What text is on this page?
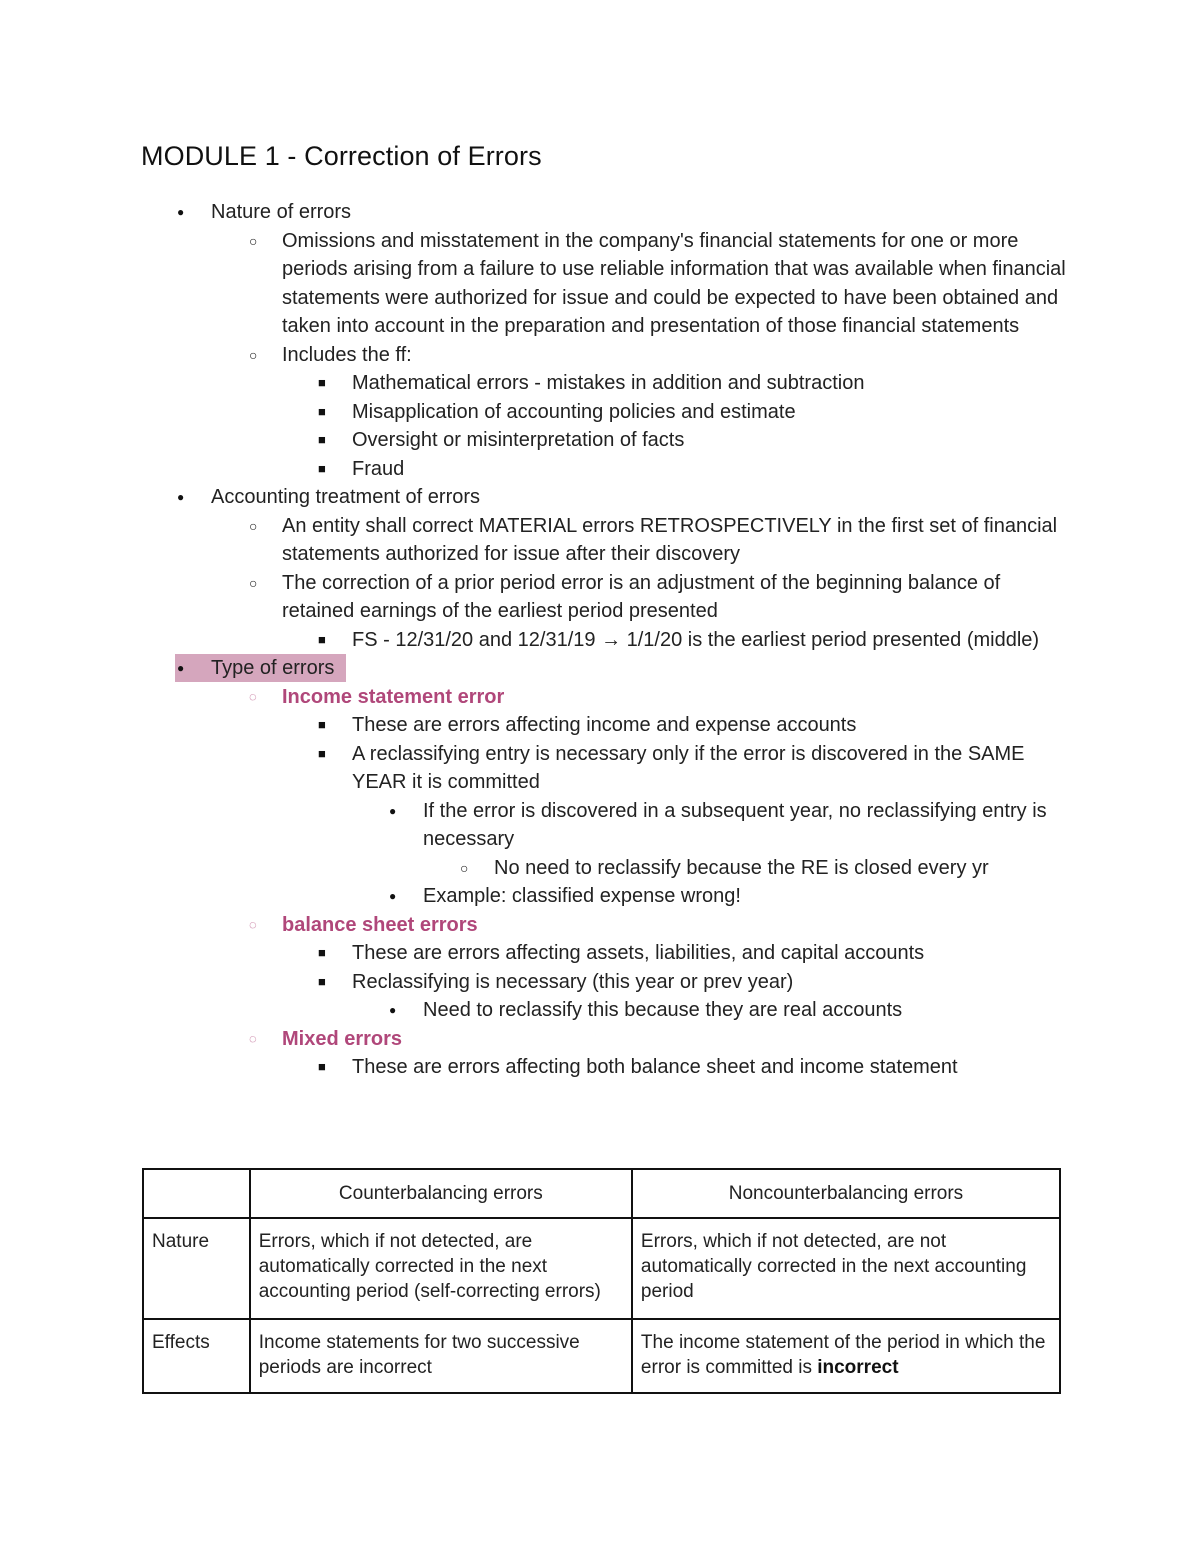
MODULE 1 - Correction of Errors
●
Nature of errors
○
Omissions and misstatement in the company's financial statements for one or more periods arising from a failure to use reliable information that was available when financial statements were authorized for issue and could be expected to have been obtained and taken into account in the preparation and presentation of those financial statements
○
Includes the ff:
■
Mathematical errors - mistakes in addition and subtraction
■
Misapplication of accounting policies and estimate
■
Oversight or misinterpretation of facts
■
Fraud
●
Accounting treatment of errors
○
An entity shall correct MATERIAL errors RETROSPECTIVELY in the first set of financial statements authorized for issue after their discovery
○
The correction of a prior period error is an adjustment of the beginning balance of retained earnings of the earliest period presented
■
FS - 12/31/20 and 12/31/19 → 1/1/20 is the earliest period presented (middle)
●
Type of errors
◌
Income statement error
■
These are errors affecting income and expense accounts
■
A reclassifying entry is necessary only if the error is discovered in the SAME YEAR it is committed
●
If the error is discovered in a subsequent year, no reclassifying entry is necessary
○
No need to reclassify because the RE is closed every yr
●
Example: classified expense wrong!
◌
balance sheet errors
■
These are errors affecting assets, liabilities, and capital accounts
■
Reclassifying is necessary (this year or prev year)
●
Need to reclassify this because they are real accounts
◌
Mixed errors
■
These are errors affecting both balance sheet and income statement
	Counterbalancing errors	Noncounterbalancing errors
Nature	Errors, which if not detected, are automatically corrected in the next accounting period (self-correcting errors)	Errors, which if not detected, are not automatically corrected in the next accounting period
Effects	Income statements for two successive periods are incorrect	The income statement of the period in which the error is committed is incorrect
